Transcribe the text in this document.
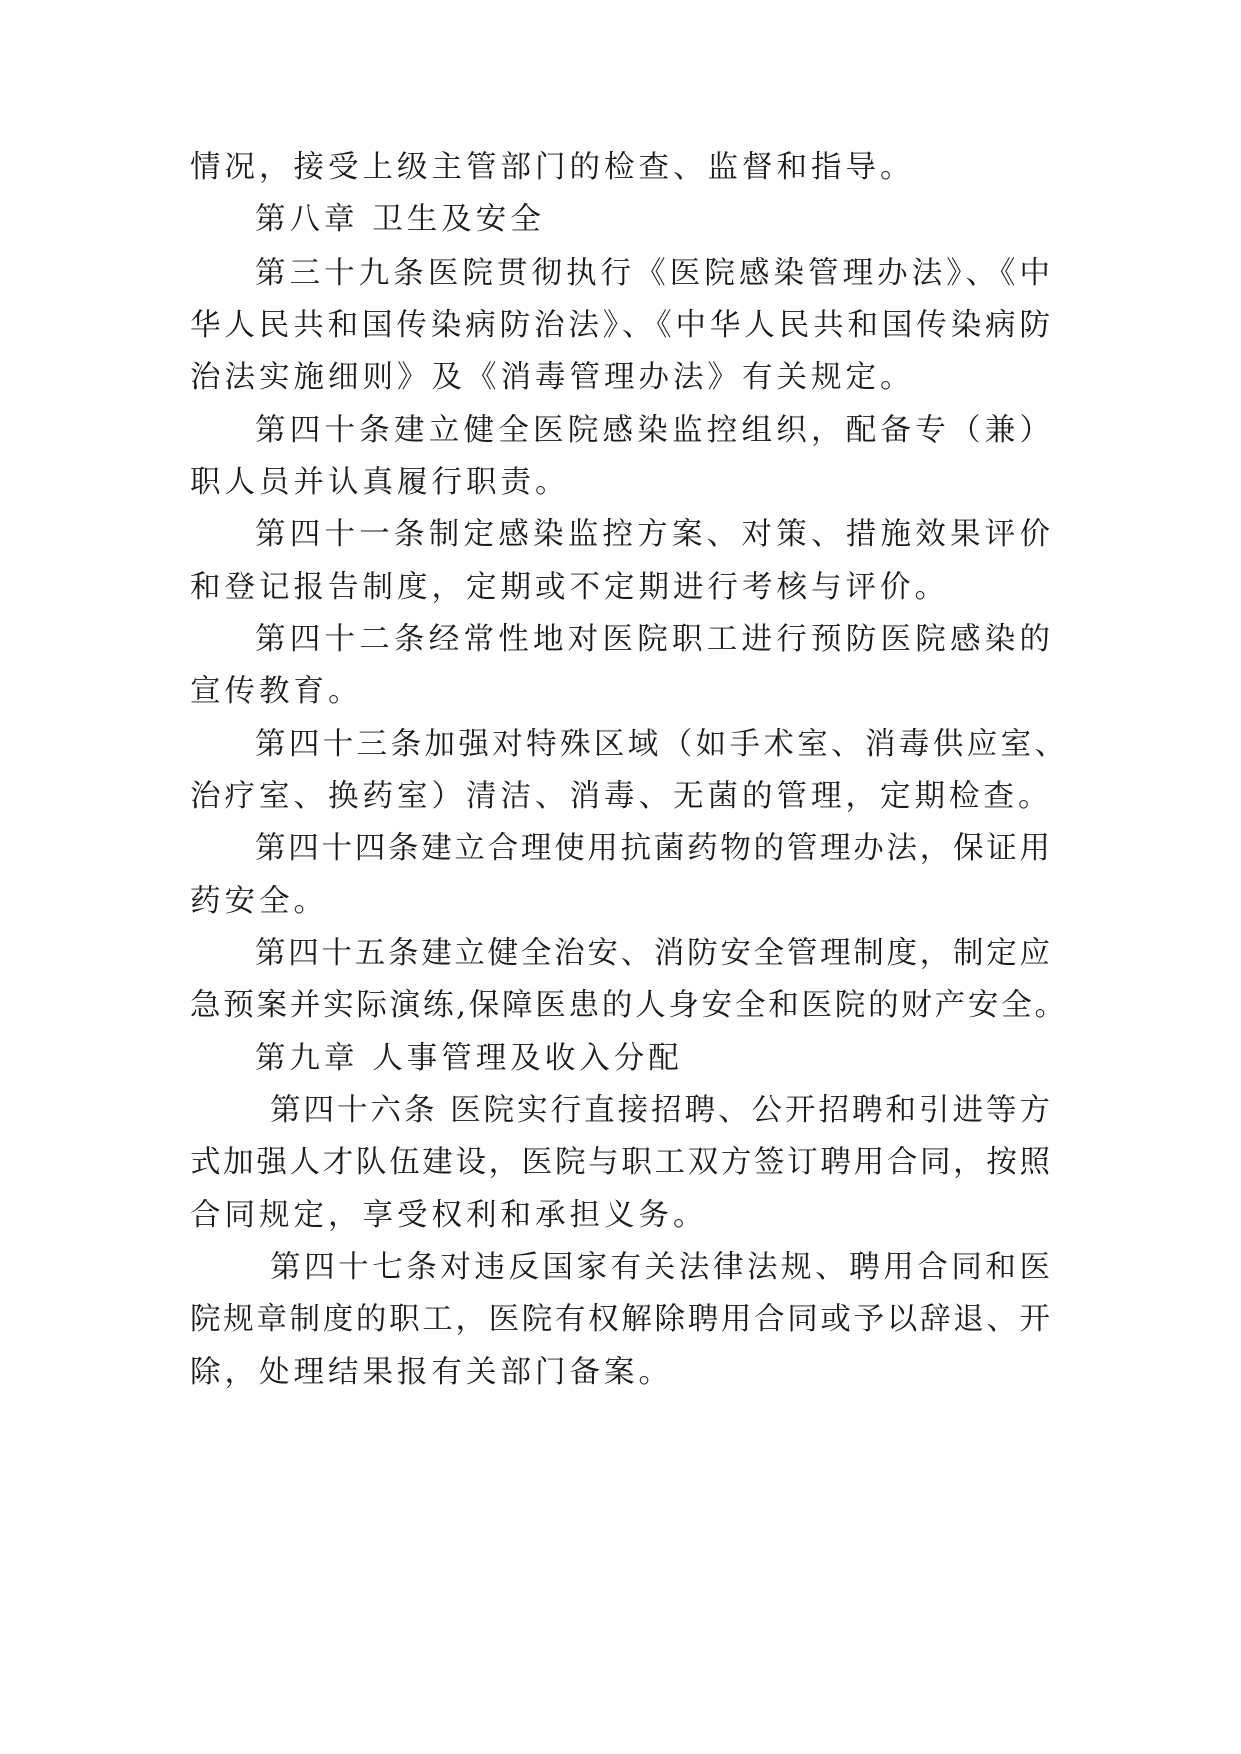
情况，接受上级主管部门的检查、监督和指导。
第八章 卫生及安全
第三十九条医院贯彻执行《医院感染管理办法》、《中
华人民共和国传染病防治法》、《中华人民共和国传染病防
治法实施细则》及《消毒管理办法》有关规定。
第四十条建立健全医院感染监控组织，配备专（兼）
职人员并认真履行职责。
第四十一条制定感染监控方案、对策、措施效果评价
和登记报告制度，定期或不定期进行考核与评价。
第四十二条经常性地对医院职工进行预防医院感染的
宣传教育。
第四十三条加强对特殊区域（如手术室、消毒供应室、
治疗室、换药室）清洁、消毒、无菌的管理，定期检查。
第四十四条建立合理使用抗菌药物的管理办法，保证用
药安全。
第四十五条建立健全治安、消防安全管理制度，制定应
急预案并实际演练,保障医患的人身安全和医院的财产安全。
第九章 人事管理及收入分配
第四十六条 医院实行直接招聘、公开招聘和引进等方
式加强人才队伍建设，医院与职工双方签订聘用合同，按照
合同规定，享受权利和承担义务。
第四十七条对违反国家有关法律法规、聘用合同和医
院规章制度的职工，医院有权解除聘用合同或予以辞退、开
除，处理结果报有关部门备案。
